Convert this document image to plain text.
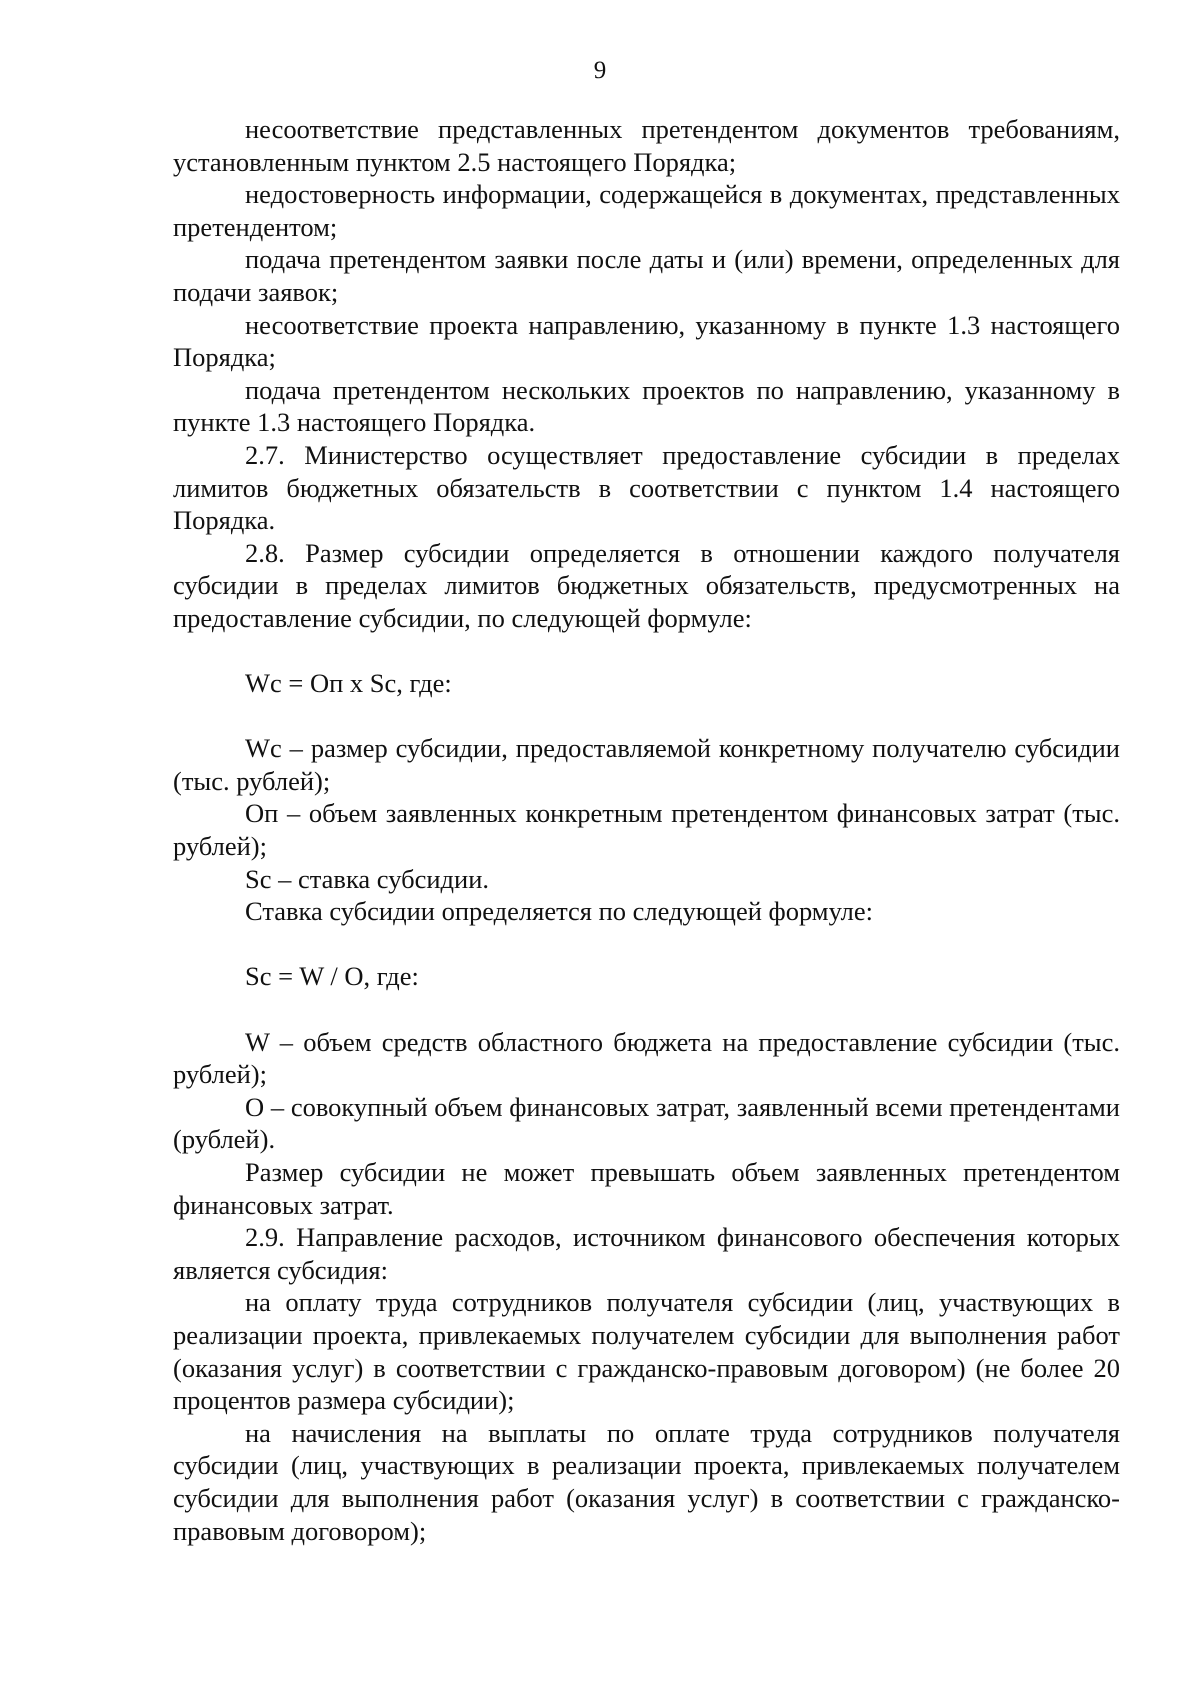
9

несоответствие представленных претендентом документов требованиям, установленным пунктом 2.5 настоящего Порядка;

недостоверность информации, содержащейся в документах, представленных претендентом;

подача претендентом заявки после даты и (или) времени, определенных для подачи заявок;

несоответствие проекта направлению, указанному в пункте 1.3 настоящего Порядка;

подача претендентом нескольких проектов по направлению, указанному в пункте 1.3 настоящего Порядка.

2.7. Министерство осуществляет предоставление субсидии в пределах лимитов бюджетных обязательств в соответствии с пунктом 1.4 настоящего Порядка.

2.8. Размер субсидии определяется в отношении каждого получателя субсидии в пределах лимитов бюджетных обязательств, предусмотренных на предоставление субсидии, по следующей формуле:

Wc = Оп x Sc, где:

Wc – размер субсидии, предоставляемой конкретному получателю субсидии (тыс. рублей);

Оп – объем заявленных конкретным претендентом финансовых затрат (тыс. рублей);

Sc – ставка субсидии.

Ставка субсидии определяется по следующей формуле:

Sc = W / O, где:

W – объем средств областного бюджета на предоставление субсидии (тыс. рублей);

О – совокупный объем финансовых затрат, заявленный всеми претендентами (рублей).

Размер субсидии не может превышать объем заявленных претендентом финансовых затрат.

2.9. Направление расходов, источником финансового обеспечения которых является субсидия:

на оплату труда сотрудников получателя субсидии (лиц, участвующих в реализации проекта, привлекаемых получателем субсидии для выполнения работ (оказания услуг) в соответствии с гражданско-правовым договором) (не более 20 процентов размера субсидии);

на начисления на выплаты по оплате труда сотрудников получателя субсидии (лиц, участвующих в реализации проекта, привлекаемых получателем субсидии для выполнения работ (оказания услуг) в соответствии с гражданско-правовым договором);
